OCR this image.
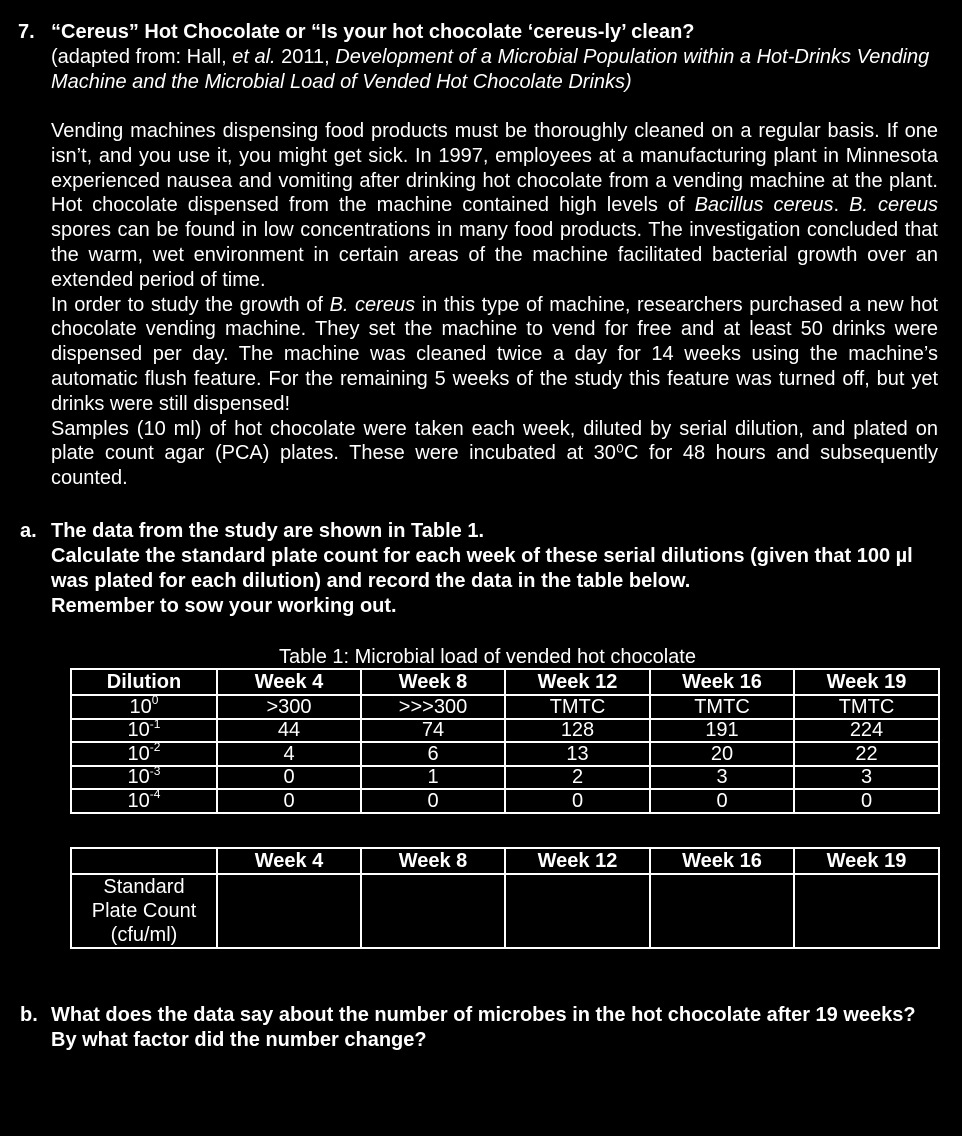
7. “Cereus” Hot Chocolate or “Is your hot chocolate ‘cereus-ly’ clean?
(adapted from: Hall, et al. 2011, Development of a Microbial Population within a Hot-Drinks Vending Machine and the Microbial Load of Vended Hot Chocolate Drinks)
Vending machines dispensing food products must be thoroughly cleaned on a regular basis. If one isn’t, and you use it, you might get sick. In 1997, employees at a manufacturing plant in Minnesota experienced nausea and vomiting after drinking hot chocolate from a vending machine at the plant. Hot chocolate dispensed from the machine contained high levels of Bacillus cereus. B. cereus spores can be found in low concentrations in many food products. The investigation concluded that the warm, wet environment in certain areas of the machine facilitated bacterial growth over an extended period of time.
In order to study the growth of B. cereus in this type of machine, researchers purchased a new hot chocolate vending machine. They set the machine to vend for free and at least 50 drinks were dispensed per day. The machine was cleaned twice a day for 14 weeks using the machine’s automatic flush feature. For the remaining 5 weeks of the study this feature was turned off, but yet drinks were still dispensed!
Samples (10 ml) of hot chocolate were taken each week, diluted by serial dilution, and plated on plate count agar (PCA) plates. These were incubated at 30⁰C for 48 hours and subsequently counted.
a. The data from the study are shown in Table 1.
Calculate the standard plate count for each week of these serial dilutions (given that 100 µl was plated for each dilution) and record the data in the table below.
Remember to sow your working out.
Table 1: Microbial load of vended hot chocolate
Dilution	Week 4	Week 8	Week 12	Week 16	Week 19
$10^0$	>300	>>>300	TMTC	TMTC	TMTC
$10^{-1}$	44	74	128	191	224
$10^{-2}$	4	6	13	20	22
$10^{-3}$	0	1	2	3	3
$10^{-4}$	0	0	0	0	0
	Week 4	Week 8	Week 12	Week 16	Week 19
Standard Plate Count (cfu/ml)					
b. What does the data say about the number of microbes in the hot chocolate after 19 weeks? By what factor did the number change?
